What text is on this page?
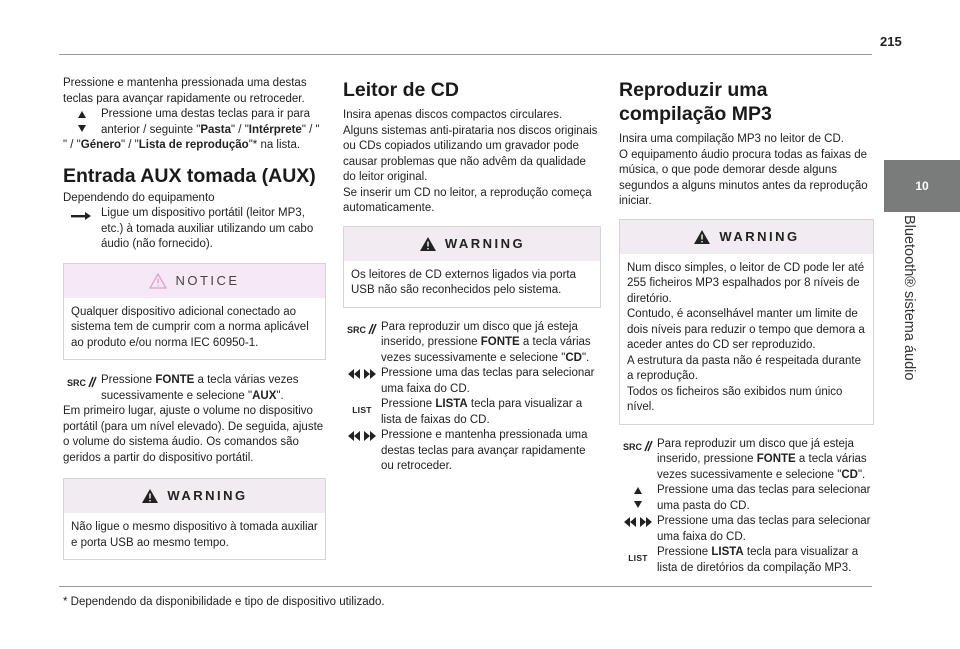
215
10
Bluetooth® sistema áudio

Pressione e mantenha pressionada uma destas teclas para avançar rapidamente ou retroceder.

Pressione uma destas teclas para ir para anterior / seguinte "Pasta" / "Intérprete" / "

" / "Género" / "Lista de reprodução"* na lista.

Entrada AUX tomada (AUX)

Dependendo do equipamento

Ligue um dispositivo portátil (leitor MP3, etc.) à tomada auxiliar utilizando um cabo áudio (não fornecido).

NOTICE
Qualquer dispositivo adicional conectado ao sistema tem de cumprir com a norma aplicável ao produto e/ou norma IEC 60950-1.
SRC Pressione FONTE a tecla várias vezes sucessivamente e selecione "AUX".

Em primeiro lugar, ajuste o volume no dispositivo portátil (para um nível elevado). De seguida, ajuste o volume do sistema áudio. Os comandos são geridos a partir do dispositivo portátil.

WARNING
Não ligue o mesmo dispositivo à tomada auxiliar e porta USB ao mesmo tempo.
Leitor de CD

Insira apenas discos compactos circulares.
Alguns sistemas anti-pirataria nos discos originais ou CDs copiados utilizando um gravador pode causar problemas que não advêm da qualidade do leitor original.
Se inserir um CD no leitor, a reprodução começa automaticamente.

WARNING
Os leitores de CD externos ligados via porta USB não são reconhecidos pelo sistema.
SRC Para reproduzir um disco que já esteja inserido, pressione FONTE a tecla várias vezes sucessivamente e selecione "CD".

Pressione uma das teclas para selecionar uma faixa do CD.

LIST Pressione LISTA tecla para visualizar a lista de faixas do CD.

Pressione e mantenha pressionada uma destas teclas para avançar rapidamente ou retroceder.

Reproduzir uma compilação MP3

Insira uma compilação MP3 no leitor de CD.
O equipamento áudio procura todas as faixas de música, o que pode demorar desde alguns segundos a alguns minutos antes da reprodução iniciar.

WARNING
Num disco simples, o leitor de CD pode ler até 255 ficheiros MP3 espalhados por 8 níveis de diretório.
Contudo, é aconselhável manter um limite de dois níveis para reduzir o tempo que demora a aceder antes do CD ser reproduzido.
A estrutura da pasta não é respeitada durante a reprodução.
Todos os ficheiros são exibidos num único nível.
SRC Para reproduzir um disco que já esteja inserido, pressione FONTE a tecla várias vezes sucessivamente e selecione "CD".

Pressione uma das teclas para selecionar uma pasta do CD.

Pressione uma das teclas para selecionar uma faixa do CD.

LIST Pressione LISTA tecla para visualizar a lista de diretórios da compilação MP3.

* Dependendo da disponibilidade e tipo de dispositivo utilizado.
